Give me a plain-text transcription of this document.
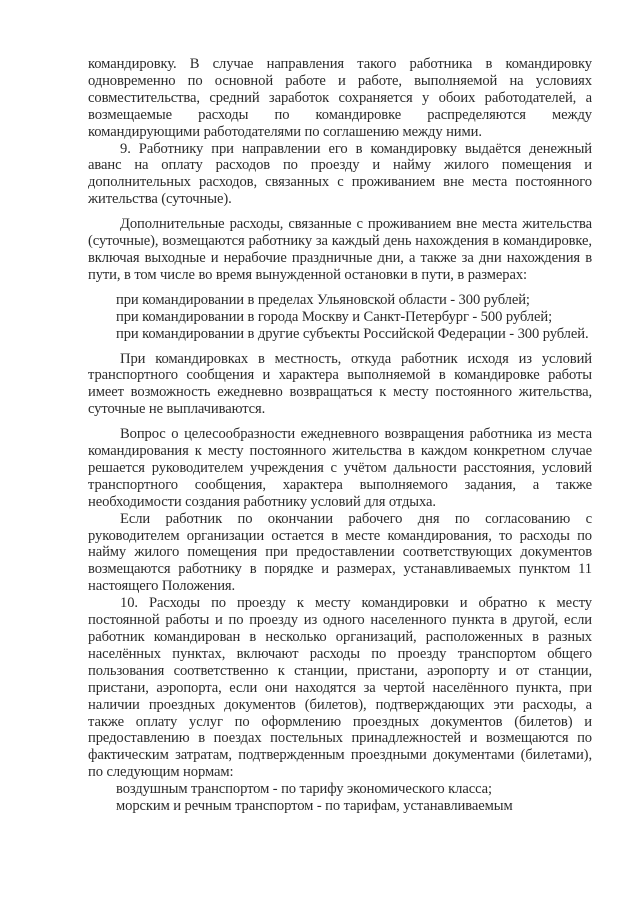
командировку. В случае направления такого работника в командировку одновременно по основной работе и работе, выполняемой на условиях совместительства, средний заработок сохраняется у обоих работодателей, а возмещаемые расходы по командировке распределяются между командирующими работодателями по соглашению между ними.

9. Работнику при направлении его в командировку выдаётся денежный аванс на оплату расходов по проезду и найму жилого помещения и дополнительных расходов, связанных с проживанием вне места постоянного жительства (суточные).

Дополнительные расходы, связанные с проживанием вне места жительства (суточные), возмещаются работнику за каждый день нахождения в командировке, включая выходные и нерабочие праздничные дни, а также за дни нахождения в пути, в том числе во время вынужденной остановки в пути, в размерах:

при командировании в пределах Ульяновской области - 300 рублей;

при командировании в города Москву и Санкт-Петербург - 500 рублей;

при командировании в другие субъекты Российской Федерации - 300 рублей.

При командировках в местность, откуда работник исходя из условий транспортного сообщения и характера выполняемой в командировке работы имеет возможность ежедневно возвращаться к месту постоянного жительства, суточные не выплачиваются.

Вопрос о целесообразности ежедневного возвращения работника из места командирования к месту постоянного жительства в каждом конкретном случае решается руководителем учреждения с учётом дальности расстояния, условий транспортного сообщения, характера выполняемого задания, а также необходимости создания работнику условий для отдыха.

Если работник по окончании рабочего дня по согласованию с руководителем организации остается в месте командирования, то расходы по найму жилого помещения при предоставлении соответствующих документов возмещаются работнику в порядке и размерах, устанавливаемых пунктом 11 настоящего Положения.

10. Расходы по проезду к месту командировки и обратно к месту постоянной работы и по проезду из одного населенного пункта в другой, если работник командирован в несколько организаций, расположенных в разных населённых пунктах, включают расходы по проезду транспортом общего пользования соответственно к станции, пристани, аэропорту и от станции, пристани, аэропорта, если они находятся за чертой населённого пункта, при наличии проездных документов (билетов), подтверждающих эти расходы, а также оплату услуг по оформлению проездных документов (билетов) и предоставлению в поездах постельных принадлежностей и возмещаются по фактическим затратам, подтвержденным проездными документами (билетами), по следующим нормам:

воздушным транспортом - по тарифу экономического класса;

морским и речным транспортом - по тарифам, устанавливаемым
